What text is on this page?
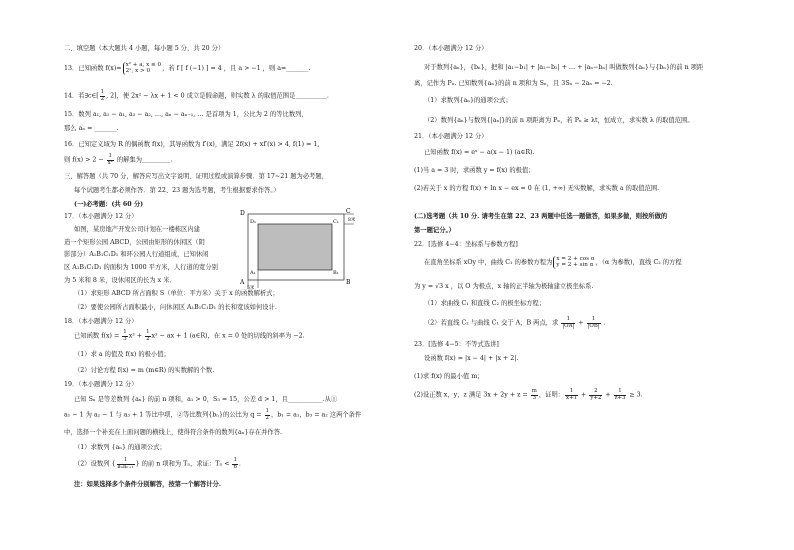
二、填空题（本大题共 4 小题，每小题 5 分，共 20 分）
13．已知函数 f(x)= x² + a, x ≤ 0
2ˣ, x > 0 ，若 f [ f (−1) ] = 4 ，且 a > −1 ，则 a=_______.
14．若∃c∈[ $\frac{1}{2}$ , 2]，使 2x² − λx + 1 < 0 成立是假命题，则实数 λ 的取值范围是__________.
15．数列 a₁, a₂ − a₁, a₃ − a₂, …, aₙ − aₙ₋₁, … 是首项为 1，公比为 2 的等比数列，
那么 aₙ = _______.
16．已知定义域为 R 的偶函数 f(x)，其导函数为 f′(x)，满足 2f(x) + xf′(x) > 4, f(1) = 1,
则 $f(x) > 2 - \frac{1}{\text{x²}}$ 的解集为_________.
三、解答题（共 70 分，解答应写出文字说明、证明过程或演算步骤．第 17~21 题为必考题，
每个试题考生都必须作答．第 22、23 题为选考题，考生根据要求作答。）
(一)必考题：(共 60 分)
17．（本小题满分 12 分）
如图，某房地产开发公司计划在一楼栋区内建
造一个矩形公园 ABCD，公园由矩形的休闲区（阴
影部分）A₁B₁C₁D₁ 和环公园人行道组成，已知休闲
区 A₁B₁C₁D₁ 的面积为 1000 平方米，人行道的宽分别
为 5 米和 8 米，设休闲区的长为 x 米．
（1）求矩形 ABCD 所占面积 S（单位：平方米）关于 x 的函数解析式；
（2）要使公园所占面积最小，问休闲区 A₁B₁C₁D₁ 的长和宽该如何设计.
18．（本小题满分 12 分）
已知函数 $f(x) = \frac{1}{3} x^3 + \frac{1}{2} x^2$ − ax + 1 (a∈R)，在 x = 0 处的切线的斜率为 −2.
（1）求 a 的值及 f(x) 的极小值；
（2）讨论方程 f(x) = m (m∈R) 的实数解的个数.
19．（本小题满分 12 分）
已知 Sₙ 是等差数列 {aₙ} 的前 n 项和，a₁ > 0，S₃ = 15，公差 d > 1，且___________.从①
a₁ − 1 为 a₂ − 1 与 a₃ + 1 等比中项，②等比数列{bₙ}的公比为 $q = \frac{1}{2}$ ，b₁ = a₁，b₃ = a₂ 这两个条件
中，选择一个补充在上面问题的横线上，使得符合条件的数列{aₙ}存在并作答.
（1）求数列 {aₙ} 的通项公式；
（2）设数列 { $\frac{1}{\text{aₙaₙ₊₁}}$ } 的前 n 项和为 Tₙ，求证：$T_n < \frac{1}{6}$ .
注：如果选择多个条件分别解答，按第一个解答计分.
D	C
A	B
D₁	C₁
A₁	B₁
8米
5米
20．（本小题满分 12 分）
对于数列{aₙ}，{bₙ}，把和 |a₁−b₁| + |a₂−b₂| + … + |aₙ−bₙ| 叫做数列{aₙ}与{bₙ}的前 n 项距
离，记作为 Pₙ. 已知数列{aₙ}的前 n 项和为 Sₙ，且 3Sₙ − 2aₙ = −2.
（1）求数列{aₙ}的通项公式；
（2）数列{aₙ}与数列{|aₙ|}的前 n 项距离为 Pₙ，若 Pₙ ≥ λt，恒成立，求实数 λ 的取值范围。
21．（本小题满分 12 分）
已知函数 f(x) = eˣ − a(x − 1) (a∈R).
(1)当 a = 3 时，求函数 y = f(x) 的极值；
(2)若关于 x 的方程 f(x) + ln x − ex = 0 在 (1, +∞) 无实数解，求实数 a 的取值范围.
(二)选考题（共 10 分. 请考生在第 22、23 两题中任选一题做答，如果多做，则按所做的
第一题记分。）
22．[选修 4−4：坐标系与参数方程]
在直角坐标系 xOy 中，曲线 C₁ 的参数方程为 x = 2 + cos α
y = 2 + sin α ，（α 为参数)，直线 C₂ 的方程
为 y = √3 x ，以 O 为极点，x 轴的正半轴为极轴建立极坐标系.
（1）求曲线 C₁ 和直线 C₂ 的极坐标方程；
（2）若直线 C₂ 与曲线 C₁ 交于 A，B 两点，求 $\frac{1}{|OA|} + \frac{1}{|OB|}$ .
23．[选修 4−5：不等式选讲]
设函数 f(x) = |x − 4| + |x + 2|.
(1)求 f(x) 的最小值 m；
(2)设正数 x，y，z 满足 $3x + 2y + z = \frac{m}{3}$ ，证明： $\frac{1}{x+1} + \frac{2}{y+2} + \frac{1}{z+3} \ge 3$.
